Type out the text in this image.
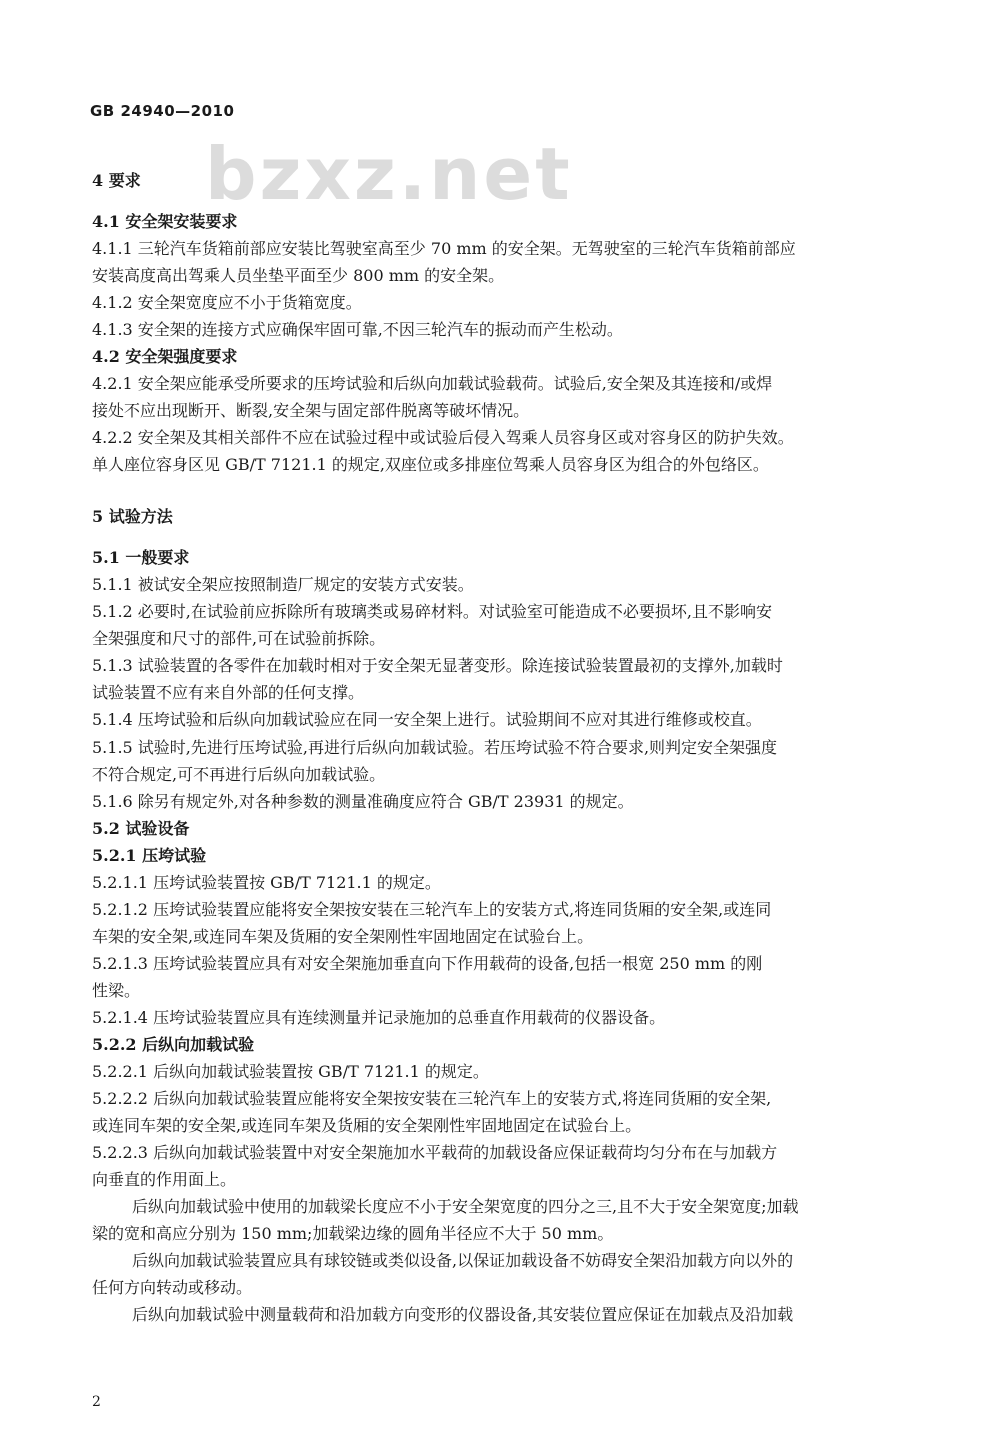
GB 24940—2010
bzxz.net
4 要求
4.1 安全架安装要求
4.1.1 三轮汽车货箱前部应安装比驾驶室高至少 70 mm 的安全架。无驾驶室的三轮汽车货箱前部应
安装高度高出驾乘人员坐垫平面至少 800 mm 的安全架。
4.1.2 安全架宽度应不小于货箱宽度。
4.1.3 安全架的连接方式应确保牢固可靠,不因三轮汽车的振动而产生松动。
4.2 安全架强度要求
4.2.1 安全架应能承受所要求的压垮试验和后纵向加载试验载荷。试验后,安全架及其连接和/或焊
接处不应出现断开、断裂,安全架与固定部件脱离等破坏情况。
4.2.2 安全架及其相关部件不应在试验过程中或试验后侵入驾乘人员容身区或对容身区的防护失效。
单人座位容身区见 GB/T 7121.1 的规定,双座位或多排座位驾乘人员容身区为组合的外包络区。
5 试验方法
5.1 一般要求
5.1.1 被试安全架应按照制造厂规定的安装方式安装。
5.1.2 必要时,在试验前应拆除所有玻璃类或易碎材料。对试验室可能造成不必要损坏,且不影响安
全架强度和尺寸的部件,可在试验前拆除。
5.1.3 试验装置的各零件在加载时相对于安全架无显著变形。除连接试验装置最初的支撑外,加载时
试验装置不应有来自外部的任何支撑。
5.1.4 压垮试验和后纵向加载试验应在同一安全架上进行。试验期间不应对其进行维修或校直。
5.1.5 试验时,先进行压垮试验,再进行后纵向加载试验。若压垮试验不符合要求,则判定安全架强度
不符合规定,可不再进行后纵向加载试验。
5.1.6 除另有规定外,对各种参数的测量准确度应符合 GB/T 23931 的规定。
5.2 试验设备
5.2.1 压垮试验
5.2.1.1 压垮试验装置按 GB/T 7121.1 的规定。
5.2.1.2 压垮试验装置应能将安全架按安装在三轮汽车上的安装方式,将连同货厢的安全架,或连同
车架的安全架,或连同车架及货厢的安全架刚性牢固地固定在试验台上。
5.2.1.3 压垮试验装置应具有对安全架施加垂直向下作用载荷的设备,包括一根宽 250 mm 的刚
性梁。
5.2.1.4 压垮试验装置应具有连续测量并记录施加的总垂直作用载荷的仪器设备。
5.2.2 后纵向加载试验
5.2.2.1 后纵向加载试验装置按 GB/T 7121.1 的规定。
5.2.2.2 后纵向加载试验装置应能将安全架按安装在三轮汽车上的安装方式,将连同货厢的安全架,
或连同车架的安全架,或连同车架及货厢的安全架刚性牢固地固定在试验台上。
5.2.2.3 后纵向加载试验装置中对安全架施加水平载荷的加载设备应保证载荷均匀分布在与加载方
向垂直的作用面上。
后纵向加载试验中使用的加载梁长度应不小于安全架宽度的四分之三,且不大于安全架宽度;加载
梁的宽和高应分别为 150 mm;加载梁边缘的圆角半径应不大于 50 mm。
后纵向加载试验装置应具有球铰链或类似设备,以保证加载设备不妨碍安全架沿加载方向以外的
任何方向转动或移动。
后纵向加载试验中测量载荷和沿加载方向变形的仪器设备,其安装位置应保证在加载点及沿加载
2
